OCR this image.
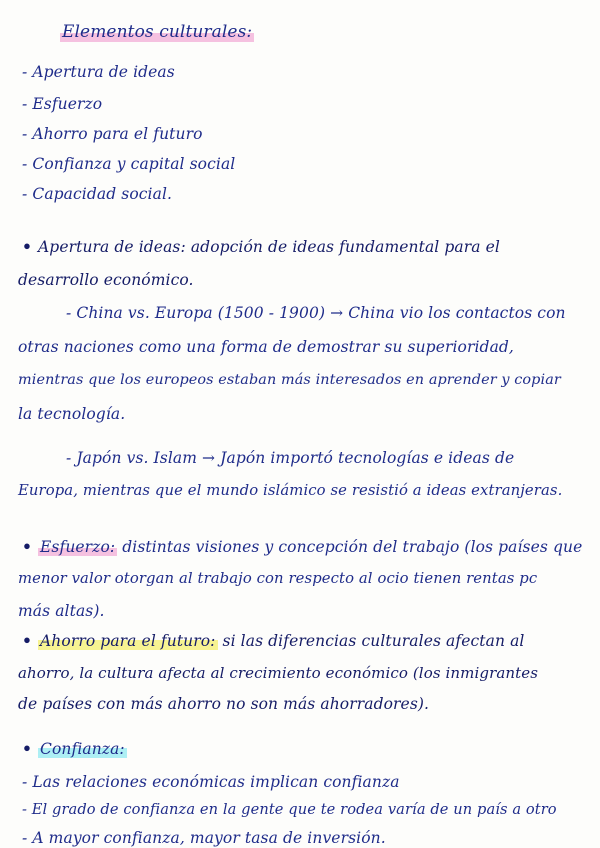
Elementos culturales:
- Apertura de ideas
- Esfuerzo
- Ahorro para el futuro
- Confianza y capital social
- Capacidad social.
• Apertura de ideas: adopción de ideas fundamental para el
desarrollo económico.
- China vs. Europa (1500 - 1900) → China vio los contactos con
otras naciones como una forma de demostrar su superioridad,
mientras que los europeos estaban más interesados en aprender y copiar
la tecnología.
- Japón vs. Islam → Japón importó tecnologías e ideas de
Europa, mientras que el mundo islámico se resistió a ideas extranjeras.
• Esfuerzo: distintas visiones y concepción del trabajo (los países que
menor valor otorgan al trabajo con respecto al ocio tienen rentas pc
más altas).
• Ahorro para el futuro: si las diferencias culturales afectan al
ahorro, la cultura afecta al crecimiento económico (los inmigrantes
de países con más ahorro no son más ahorradores).
• Confianza:
- Las relaciones económicas implican confianza
- El grado de confianza en la gente que te rodea varía de un país a otro
- A mayor confianza, mayor tasa de inversión.
